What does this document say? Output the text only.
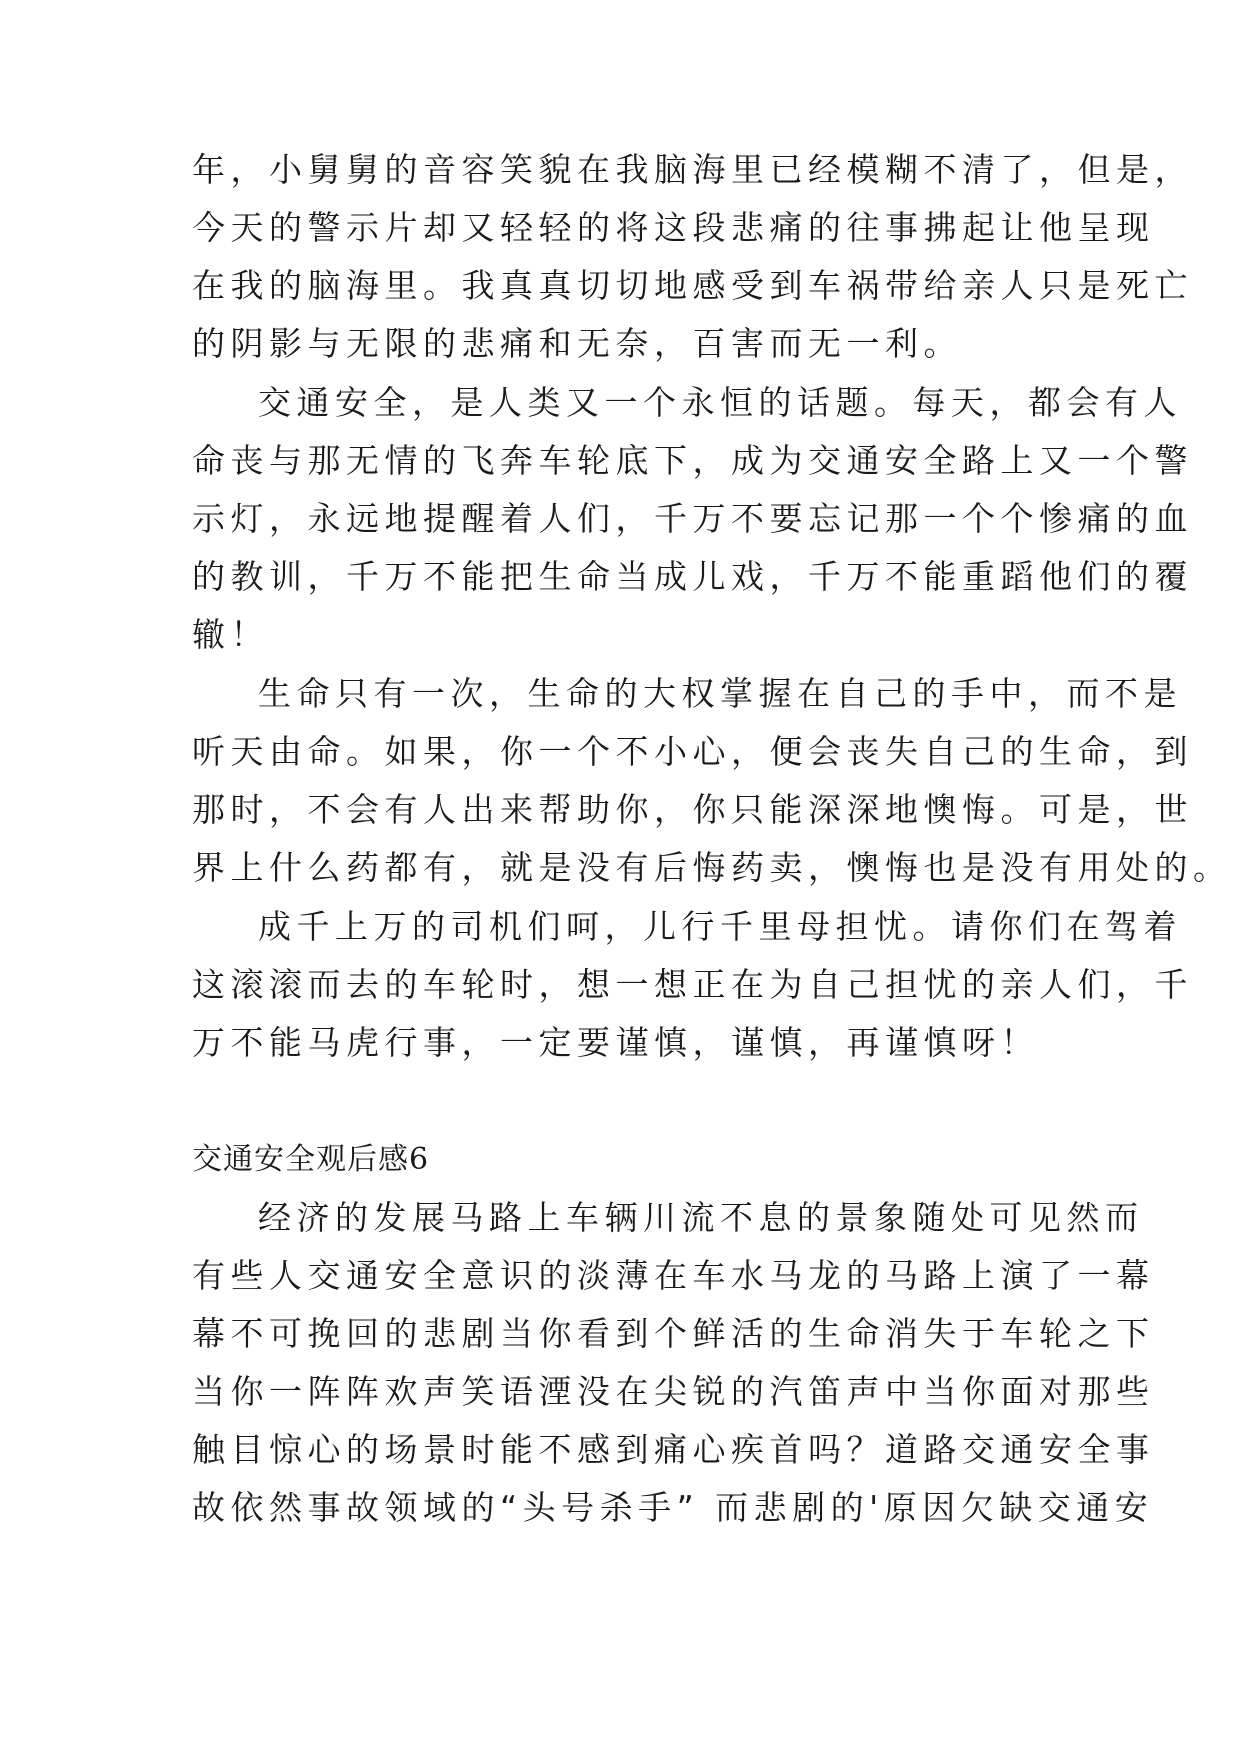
年，小舅舅的音容笑貌在我脑海里已经模糊不清了，但是，
今天的警示片却又轻轻的将这段悲痛的往事拂起让他呈现
在我的脑海里。我真真切切地感受到车祸带给亲人只是死亡
的阴影与无限的悲痛和无奈，百害而无一利。
交通安全，是人类又一个永恒的话题。每天，都会有人
命丧与那无情的飞奔车轮底下，成为交通安全路上又一个警
示灯，永远地提醒着人们，千万不要忘记那一个个惨痛的血
的教训，千万不能把生命当成儿戏，千万不能重蹈他们的覆
辙！
生命只有一次，生命的大权掌握在自己的手中，而不是
听天由命。如果，你一个不小心，便会丧失自己的生命，到
那时，不会有人出来帮助你，你只能深深地懊悔。可是，世
界上什么药都有，就是没有后悔药卖，懊悔也是没有用处的。
成千上万的司机们呵，儿行千里母担忧。请你们在驾着
这滚滚而去的车轮时，想一想正在为自己担忧的亲人们，千
万不能马虎行事，一定要谨慎，谨慎，再谨慎呀！
交通安全观后感6
经济的发展马路上车辆川流不息的景象随处可见然而
有些人交通安全意识的淡薄在车水马龙的马路上演了一幕
幕不可挽回的悲剧当你看到个鲜活的生命消失于车轮之下
当你一阵阵欢声笑语湮没在尖锐的汽笛声中当你面对那些
触目惊心的场景时能不感到痛心疾首吗？道路交通安全事
故依然事故领域的“头号杀手” 而悲剧的'原因欠缺交通安
